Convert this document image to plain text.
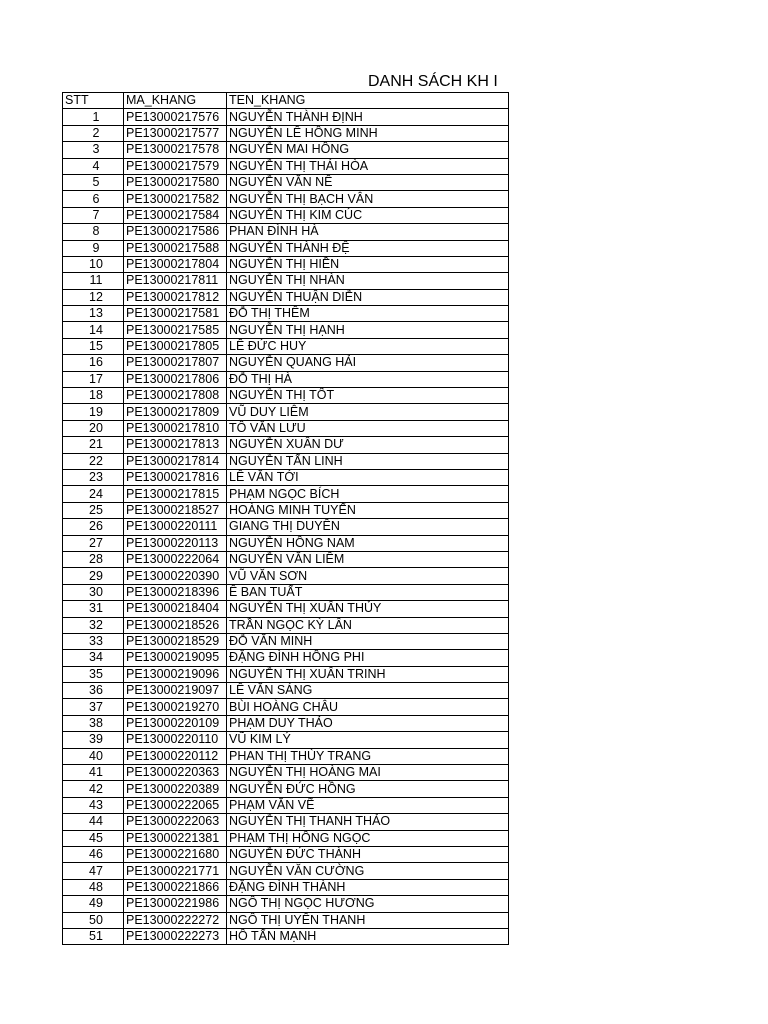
DANH SÁCH KH I
STT	MA_KHANG	TEN_KHANG
1	PE13000217576	NGUYỄN THÀNH ĐỊNH
2	PE13000217577	NGUYỄN LÊ HỒNG MINH
3	PE13000217578	NGUYỄN MAI HỒNG
4	PE13000217579	NGUYỄN THỊ THÁI HÒA
5	PE13000217580	NGUYỄN VĂN NÊ
6	PE13000217582	NGUYỄN THỊ BẠCH VÂN
7	PE13000217584	NGUYỄN THỊ KIM CÚC
8	PE13000217586	PHAN ĐÌNH HÀ
9	PE13000217588	NGUYỄN THÀNH ĐỆ
10	PE13000217804	NGUYỄN THỊ HIỀN
11	PE13000217811	NGUYỄN THỊ NHÀN
12	PE13000217812	NGUYỄN THUẬN DIỄN
13	PE13000217581	ĐỖ THỊ THÊM
14	PE13000217585	NGUYỄN THỊ HẠNH
15	PE13000217805	LÊ ĐỨC HUY
16	PE13000217807	NGUYỄN QUANG HẢI
17	PE13000217806	ĐỖ THỊ HÀ
18	PE13000217808	NGUYỄN THỊ TỐT
19	PE13000217809	VŨ DUY LIÊM
20	PE13000217810	TÔ VĂN LƯU
21	PE13000217813	NGUYỄN XUÂN DƯ
22	PE13000217814	NGUYỄN TẤN LINH
23	PE13000217816	LÊ VĂN TỚI
24	PE13000217815	PHẠM NGỌC BÍCH
25	PE13000218527	HOÀNG MINH TUYẾN
26	PE13000220111	GIANG THỊ DUYÊN
27	PE13000220113	NGUYỄN HỒNG NAM
28	PE13000222064	NGUYỄN VĂN LIÊM
29	PE13000220390	VŨ VĂN SƠN
30	PE13000218396	Ê BAN TUẤT
31	PE13000218404	NGUYỄN THỊ XUÂN THỦY
32	PE13000218526	TRẦN NGỌC KỲ LÂN
33	PE13000218529	ĐỖ VĂN MINH
34	PE13000219095	ĐẶNG ĐÌNH HỒNG PHI
35	PE13000219096	NGUYỄN THỊ XUÂN TRINH
36	PE13000219097	LÊ VĂN SÁNG
37	PE13000219270	BÙI HOÀNG CHÂU
38	PE13000220109	PHẠM DUY THẢO
39	PE13000220110	VŨ KIM LÝ
40	PE13000220112	PHAN THỊ THÙY TRANG
41	PE13000220363	NGUYỄN THỊ HOÀNG MAI
42	PE13000220389	NGUYỄN ĐỨC HỒNG
43	PE13000222065	PHẠM VĂN VẼ
44	PE13000222063	NGUYỄN THỊ THANH THẢO
45	PE13000221381	PHẠM THỊ HỒNG NGỌC
46	PE13000221680	NGUYỄN ĐỨC THÀNH
47	PE13000221771	NGUYỄN VĂN CƯỜNG
48	PE13000221866	ĐẶNG ĐÌNH THÀNH
49	PE13000221986	NGÔ THỊ NGỌC HƯƠNG
50	PE13000222272	NGÔ THỊ UYÊN THANH
51	PE13000222273	HỒ TẤN MẠNH
